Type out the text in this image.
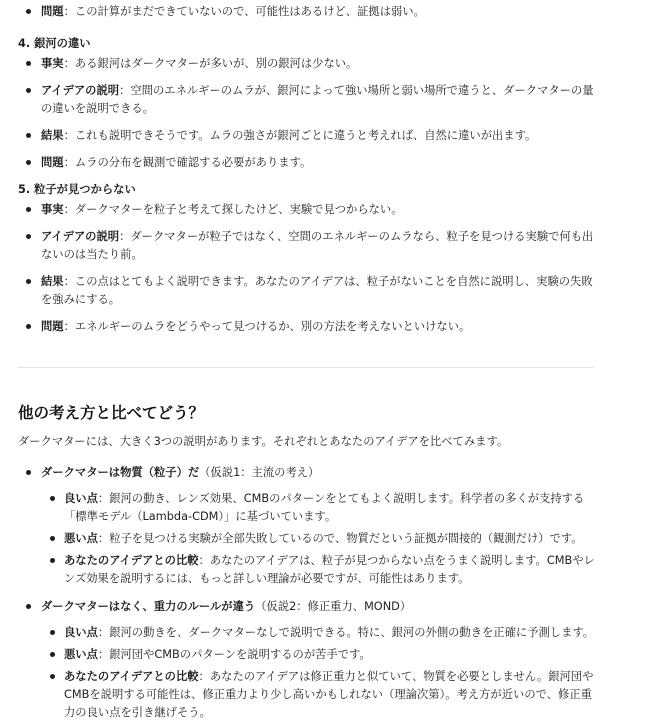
問題：この計算がまだできていないので、可能性はあるけど、証拠は弱い。
4. 銀河の違い
事実：ある銀河はダークマターが多いが、別の銀河は少ない。
アイデアの説明：空間のエネルギーのムラが、銀河によって強い場所と弱い場所で違うと、ダークマターの量の違いを説明できる。
結果：これも説明できそうです。ムラの強さが銀河ごとに違うと考えれば、自然に違いが出ます。
問題：ムラの分布を観測で確認する必要があります。
5. 粒子が見つからない
事実：ダークマターを粒子と考えて探したけど、実験で見つからない。
アイデアの説明：ダークマターが粒子ではなく、空間のエネルギーのムラなら、粒子を見つける実験で何も出ないのは当たり前。
結果：この点はとてもよく説明できます。あなたのアイデアは、粒子がないことを自然に説明し、実験の失敗を強みにする。
問題：エネルギーのムラをどうやって見つけるか、別の方法を考えないといけない。
他の考え方と比べてどう？
ダークマターには、大きく3つの説明があります。それぞれとあなたのアイデアを比べてみます。
ダークマターは物質（粒子）だ（仮説1：主流の考え）
良い点：銀河の動き、レンズ効果、CMBのパターンをとてもよく説明します。科学者の多くが支持する「標準モデル（Lambda-CDM）」に基づいています。
悪い点：粒子を見つける実験が全部失敗しているので、物質だという証拠が間接的（観測だけ）です。
あなたのアイデアとの比較：あなたのアイデアは、粒子が見つからない点をうまく説明します。CMBやレンズ効果を説明するには、もっと詳しい理論が必要ですが、可能性はあります。
ダークマターはなく、重力のルールが違う（仮説2：修正重力、MOND）
良い点：銀河の動きを、ダークマターなしで説明できる。特に、銀河の外側の動きを正確に予測します。
悪い点：銀河団やCMBのパターンを説明するのが苦手です。
あなたのアイデアとの比較：あなたのアイデアは修正重力と似ていて、物質を必要としません。銀河団やCMBを説明する可能性は、修正重力より少し高いかもしれない（理論次第）。考え方が近いので、修正重力の良い点を引き継げそう。
